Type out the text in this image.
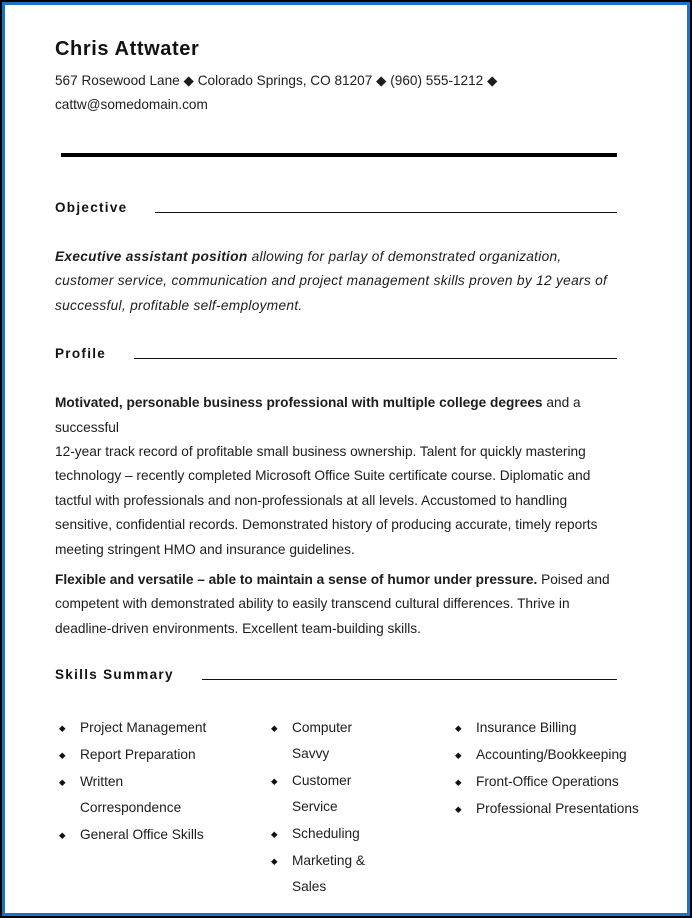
Chris Attwater
567 Rosewood Lane ◆ Colorado Springs, CO 81207 ◆ (960) 555-1212 ◆
cattw@somedomain.com
Objective

Executive assistant position allowing for parlay of demonstrated organization, customer service, communication and project management skills proven by 12 years of successful, profitable self-employment.

Profile

Motivated, personable business professional with multiple college degrees and a successful
12-year track record of profitable small business ownership. Talent for quickly mastering technology – recently completed Microsoft Office Suite certificate course. Diplomatic and tactful with professionals and non-professionals at all levels. Accustomed to handling sensitive, confidential records. Demonstrated history of producing accurate, timely reports meeting stringent HMO and insurance guidelines.

Flexible and versatile – able to maintain a sense of humor under pressure. Poised and competent with demonstrated ability to easily transcend cultural differences. Thrive in deadline-driven environments. Excellent team-building skills.

Skills Summary
◆	Project Management
◆	Report Preparation
◆	Written Correspondence
◆	General Office Skills
◆	Computer Savvy
◆	Customer Service
◆	Scheduling
◆	Marketing & Sales
◆	Insurance Billing
◆	Accounting/Bookkeeping
◆	Front-Office Operations
◆	Professional Presentations
